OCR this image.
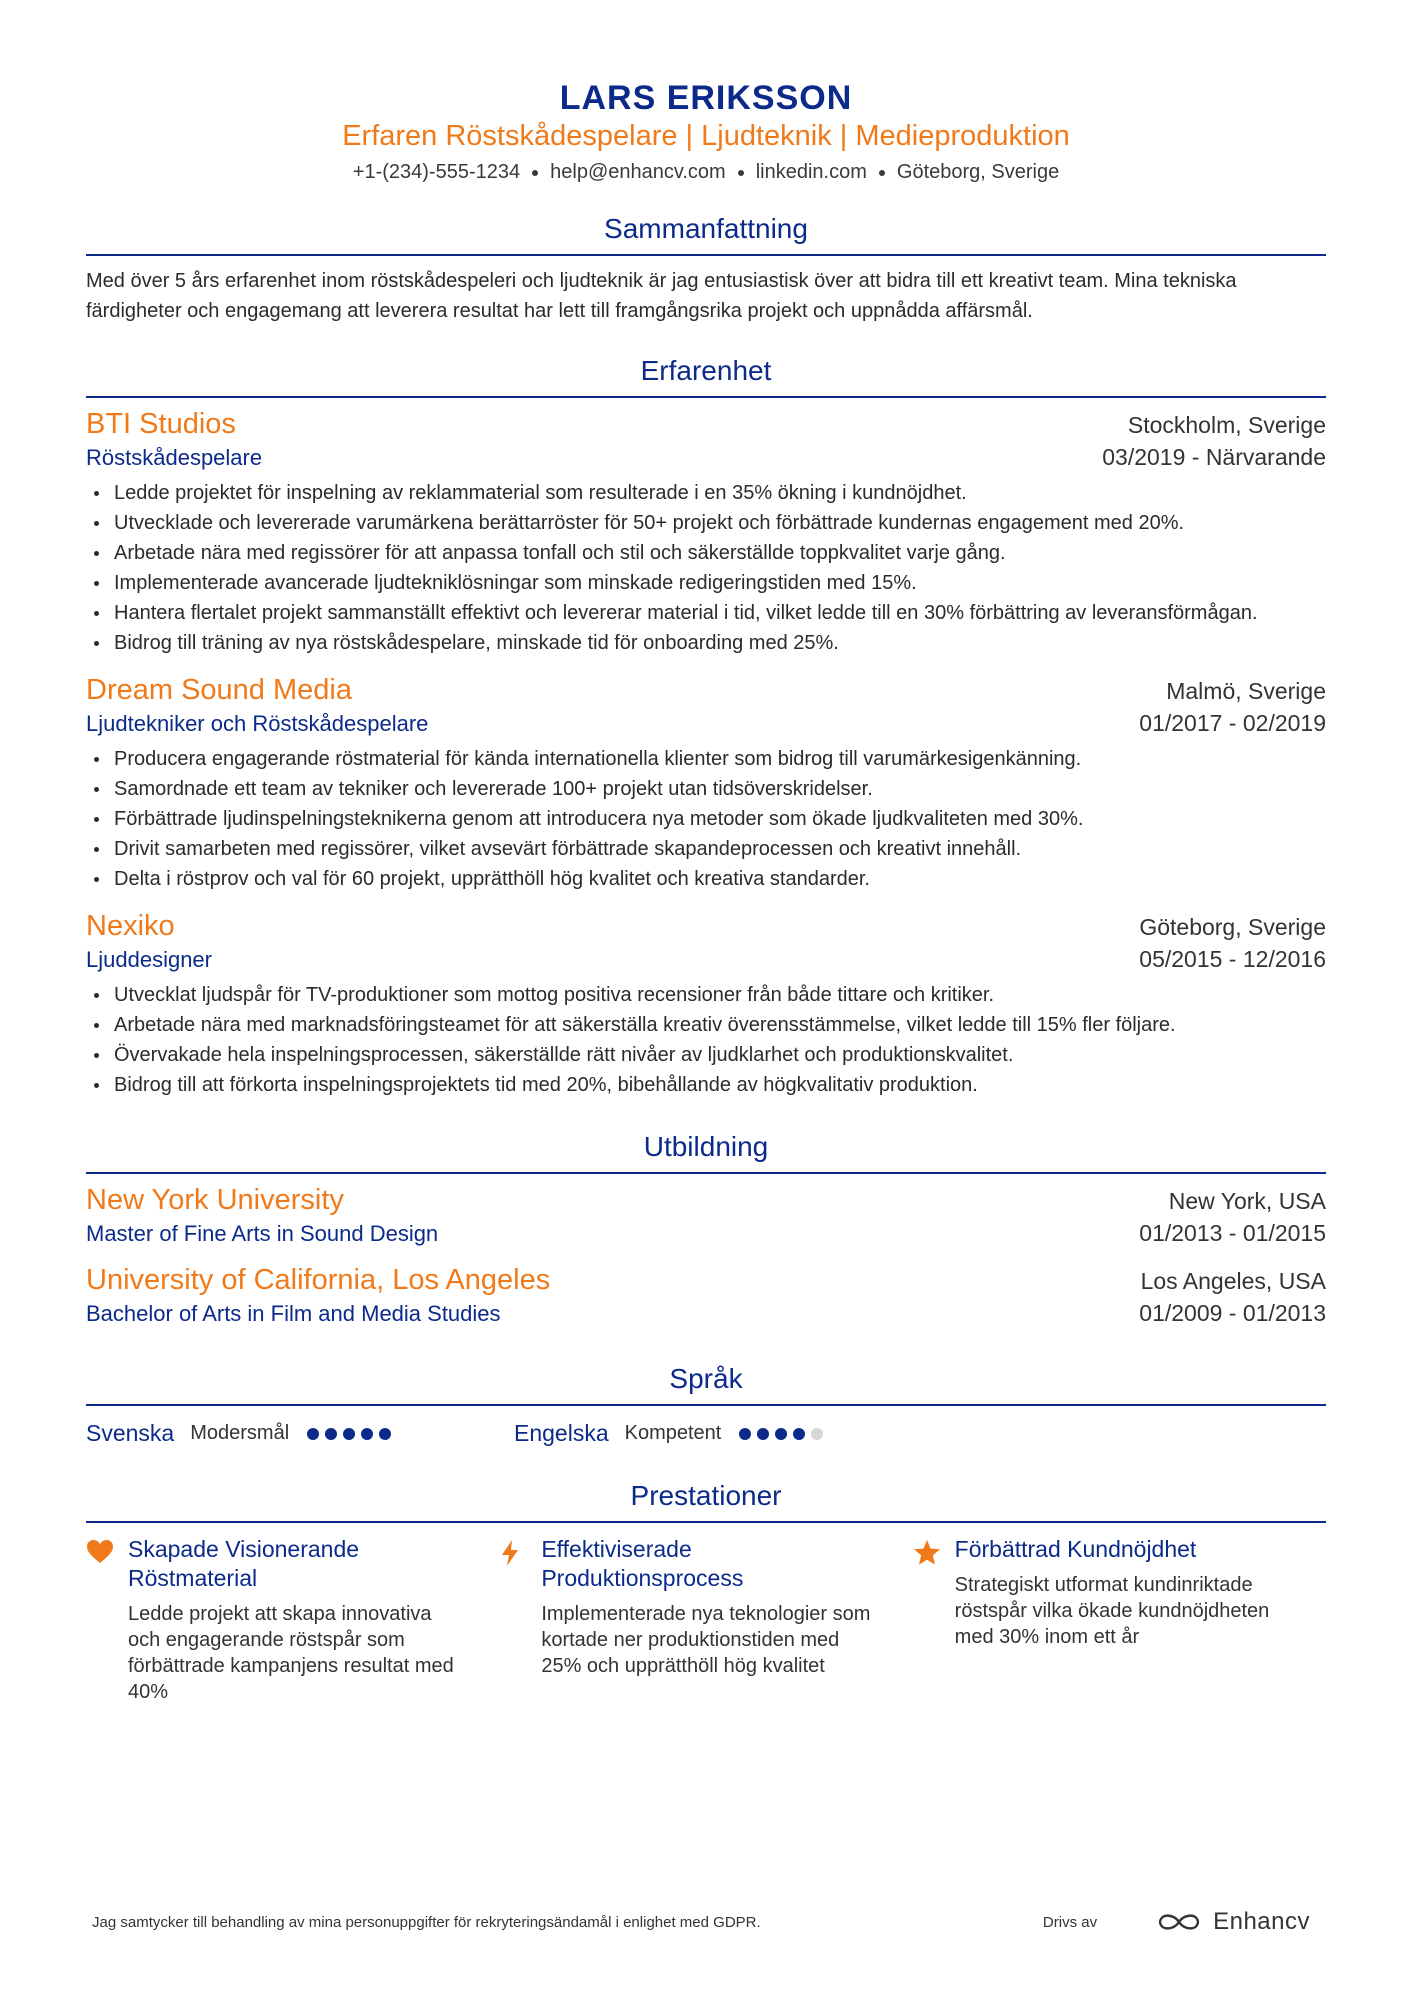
LARS ERIKSSON
Erfaren Röstskådespelare | Ljudteknik | Medieproduktion
+1-(234)-555-1234 help@enhancv.com linkedin.com Göteborg, Sverige
Sammanfattning
Med över 5 års erfarenhet inom röstskådespeleri och ljudteknik är jag entusiastisk över att bidra till ett kreativt team. Mina tekniska färdigheter och engagemang att leverera resultat har lett till framgångsrika projekt och uppnådda affärsmål.
Erfarenhet
BTI Studios	Stockholm, Sverige
Röstskådespelare	03/2019 - Närvarande
Ledde projektet för inspelning av reklammaterial som resulterade i en 35% ökning i kundnöjdhet.
Utvecklade och levererade varumärkena berättarröster för 50+ projekt och förbättrade kundernas engagement med 20%.
Arbetade nära med regissörer för att anpassa tonfall och stil och säkerställde toppkvalitet varje gång.
Implementerade avancerade ljudtekniklösningar som minskade redigeringstiden med 15%.
Hantera flertalet projekt sammanställt effektivt och levererar material i tid, vilket ledde till en 30% förbättring av leveransförmågan.
Bidrog till träning av nya röstskådespelare, minskade tid för onboarding med 25%.
Dream Sound Media	Malmö, Sverige
Ljudtekniker och Röstskådespelare	01/2017 - 02/2019
Producera engagerande röstmaterial för kända internationella klienter som bidrog till varumärkesigenkänning.
Samordnade ett team av tekniker och levererade 100+ projekt utan tidsöverskridelser.
Förbättrade ljudinspelningsteknikerna genom att introducera nya metoder som ökade ljudkvaliteten med 30%.
Drivit samarbeten med regissörer, vilket avsevärt förbättrade skapandeprocessen och kreativt innehåll.
Delta i röstprov och val för 60 projekt, upprätthöll hög kvalitet och kreativa standarder.
Nexiko	Göteborg, Sverige
Ljuddesigner	05/2015 - 12/2016
Utvecklat ljudspår för TV-produktioner som mottog positiva recensioner från både tittare och kritiker.
Arbetade nära med marknadsföringsteamet för att säkerställa kreativ överensstämmelse, vilket ledde till 15% fler följare.
Övervakade hela inspelningsprocessen, säkerställde rätt nivåer av ljudklarhet och produktionskvalitet.
Bidrog till att förkorta inspelningsprojektets tid med 20%, bibehållande av högkvalitativ produktion.
Utbildning
New York University	New York, USA
Master of Fine Arts in Sound Design	01/2013 - 01/2015
University of California, Los Angeles	Los Angeles, USA
Bachelor of Arts in Film and Media Studies	01/2009 - 01/2013
Språk
Svenska Modersmål	Engelska Kompetent
Prestationer
Skapade Visionerande Röstmaterial
Ledde projekt att skapa innovativa och engagerande röstspår som förbättrade kampanjens resultat med 40%
Effektiviserade Produktionsprocess
Implementerade nya teknologier som kortade ner produktionstiden med 25% och upprätthöll hög kvalitet
Förbättrad Kundnöjdhet
Strategiskt utformat kundinriktade röstspår vilka ökade kundnöjdheten med 30% inom ett år
Jag samtycker till behandling av mina personuppgifter för rekryteringsändamål i enlighet med GDPR.	Drivs av	Enhancv
